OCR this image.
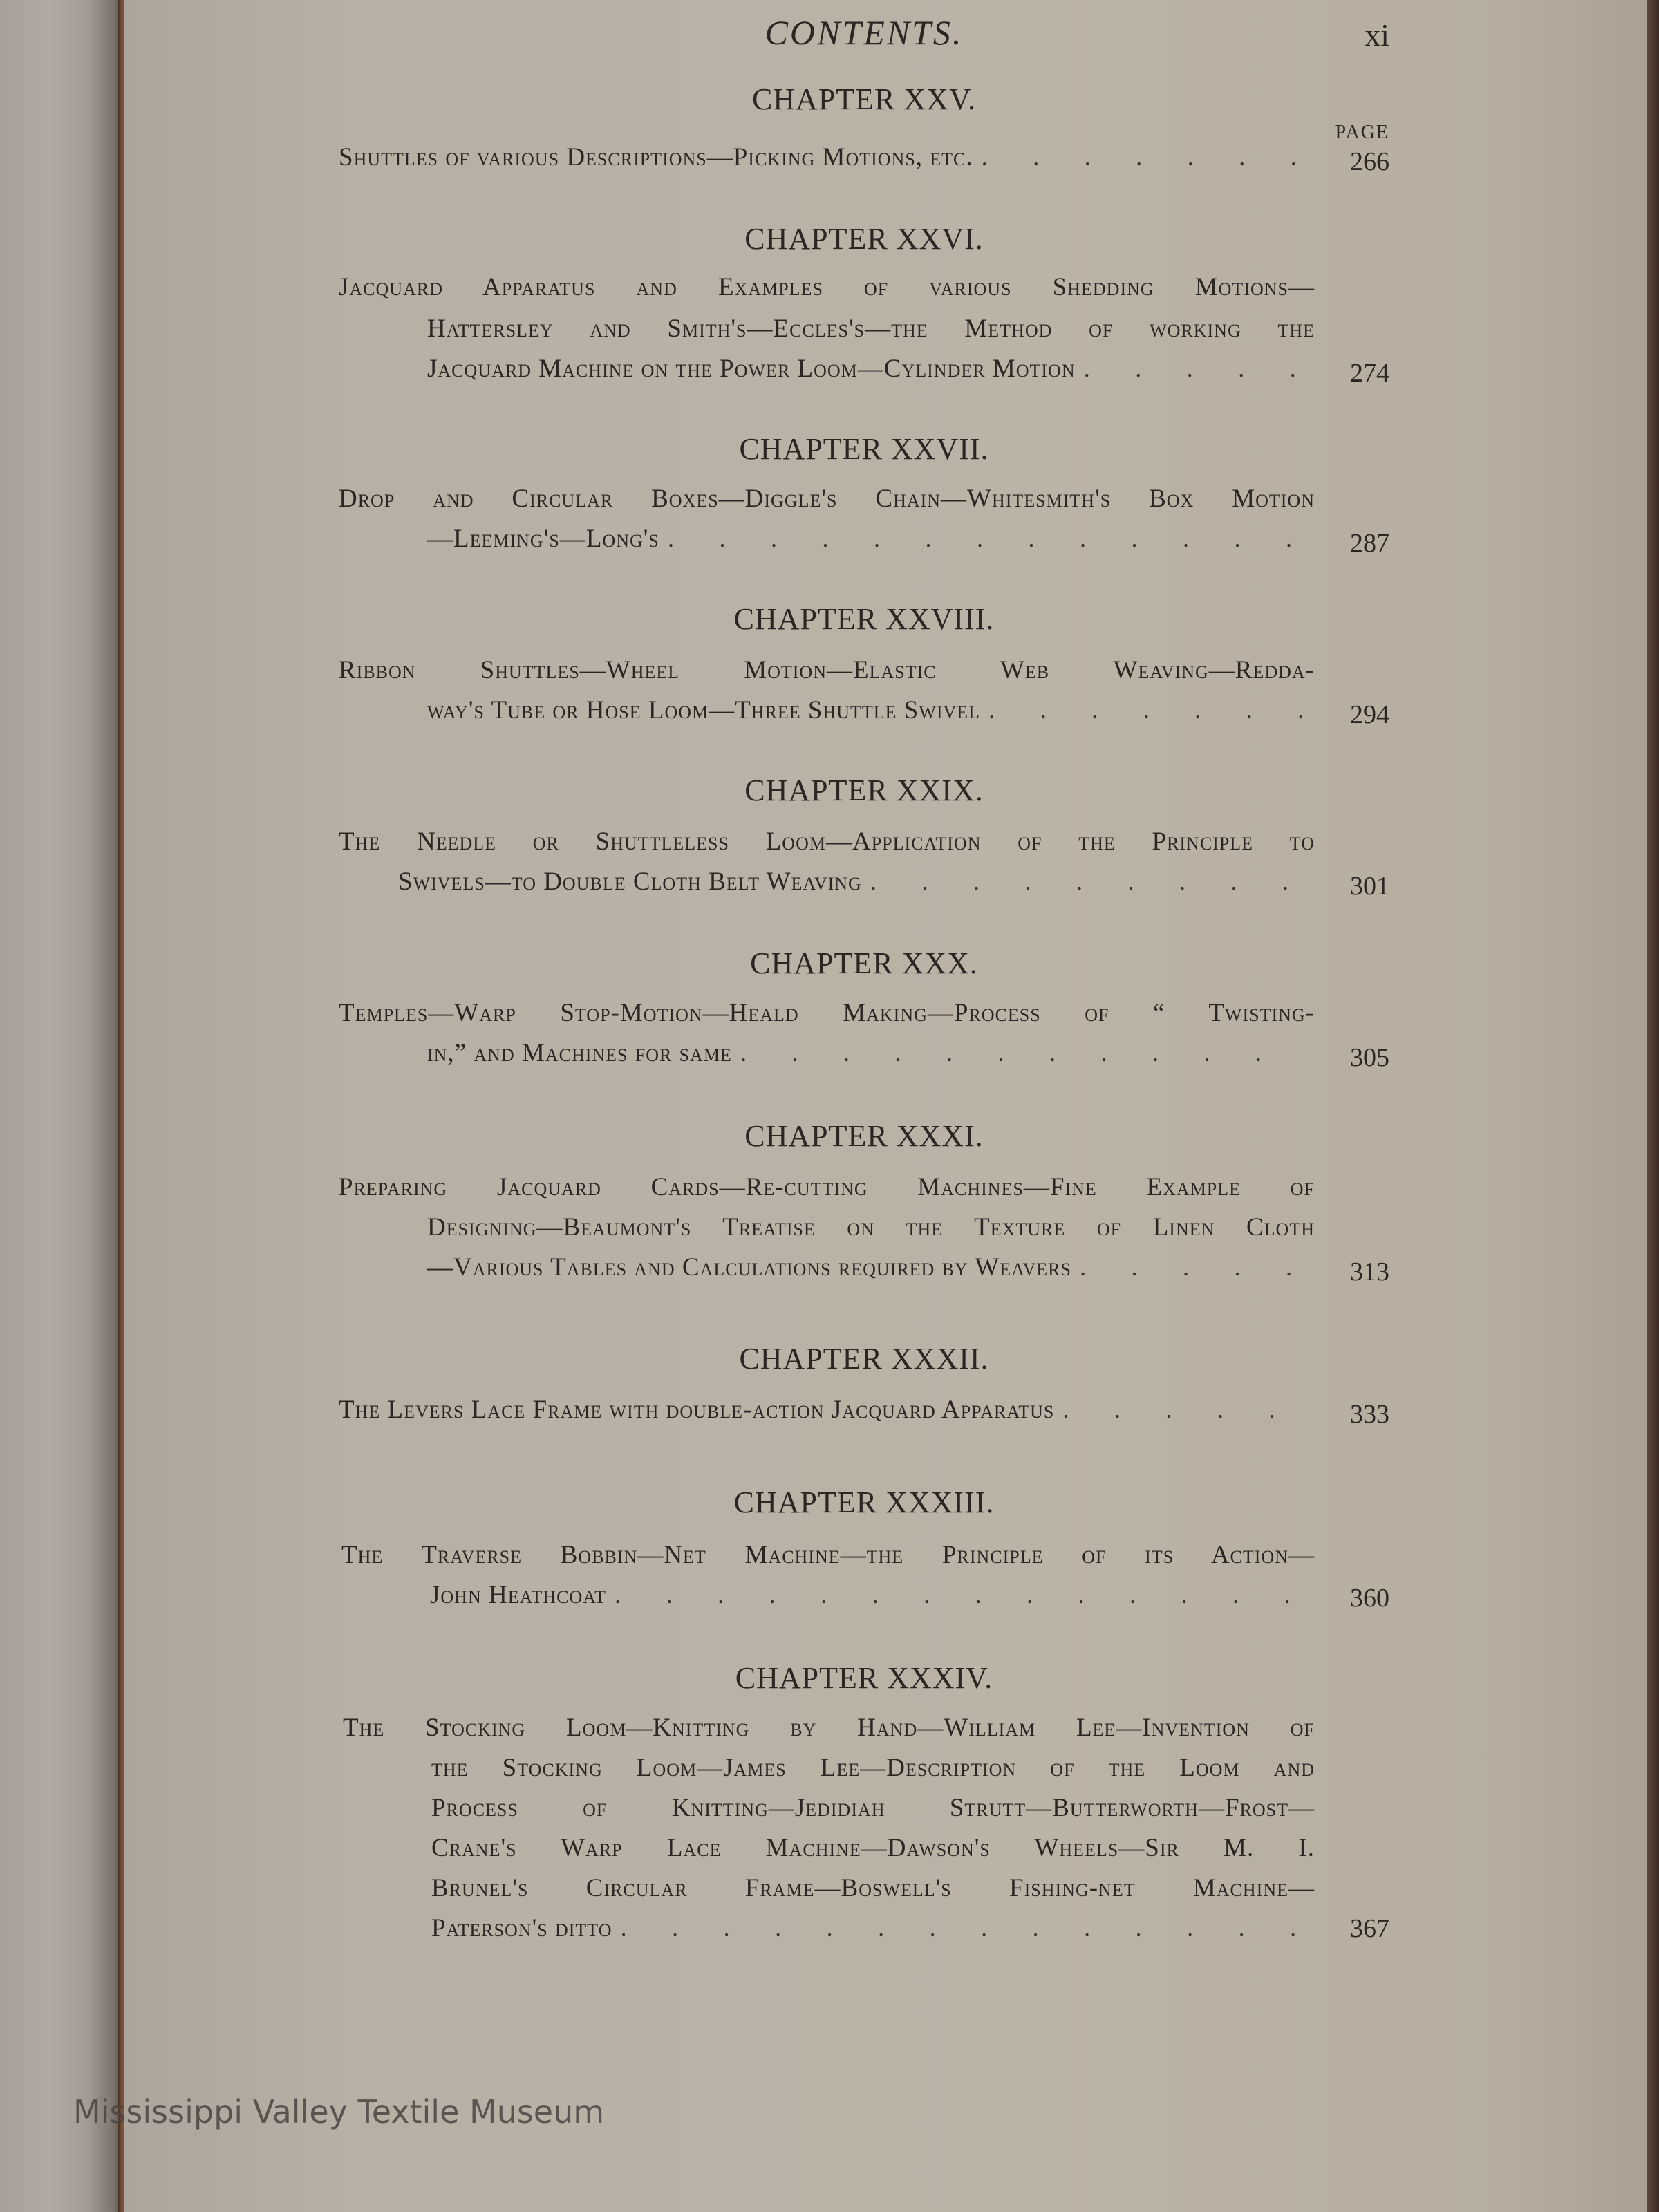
CONTENTS.	xi
PAGE
CHAPTER XXV.
Shuttles of various Descriptions—Picking Motions, etc. . . .	266
CHAPTER XXVI.
Jacquard Apparatus and Examples of various Shedding Motions—
Hattersley and Smith's—Eccles's—the Method of working the
Jacquard Machine on the Power Loom—Cylinder Motion . . .	274
CHAPTER XXVII.
Drop and Circular Boxes—Diggle's Chain—Whitesmith's Box Motion
—Leeming's—Long's . . .	287
CHAPTER XXVIII.
Ribbon Shuttles—Wheel Motion—Elastic Web Weaving—Redda-
way's Tube or Hose Loom—Three Shuttle Swivel . . .	294
CHAPTER XXIX.
The Needle or Shuttleless Loom—Application of the Principle to
Swivels—to Double Cloth Belt Weaving . . .	301
CHAPTER XXX.
Temples—Warp Stop-Motion—Heald Making—Process of “ Twisting-
in,” and Machines for same . . .	305
CHAPTER XXXI.
Preparing Jacquard Cards—Re-cutting Machines—Fine Example of
Designing—Beaumont's Treatise on the Texture of Linen Cloth
—Various Tables and Calculations required by Weavers . . .	313
CHAPTER XXXII.
The Levers Lace Frame with double-action Jacquard Apparatus . . .	333
CHAPTER XXXIII.
The Traverse Bobbin—Net Machine—the Principle of its Action—
John Heathcoat . . .	360
CHAPTER XXXIV.
The Stocking Loom—Knitting by Hand—William Lee—Invention of
the Stocking Loom—James Lee—Description of the Loom and
Process of Knitting—Jedidiah Strutt—Butterworth—Frost—
Crane's Warp Lace Machine—Dawson's Wheels—Sir M. I.
Brunel's Circular Frame—Boswell's Fishing-net Machine—
Paterson's ditto . . .	367
Mississippi Valley Textile Museum
